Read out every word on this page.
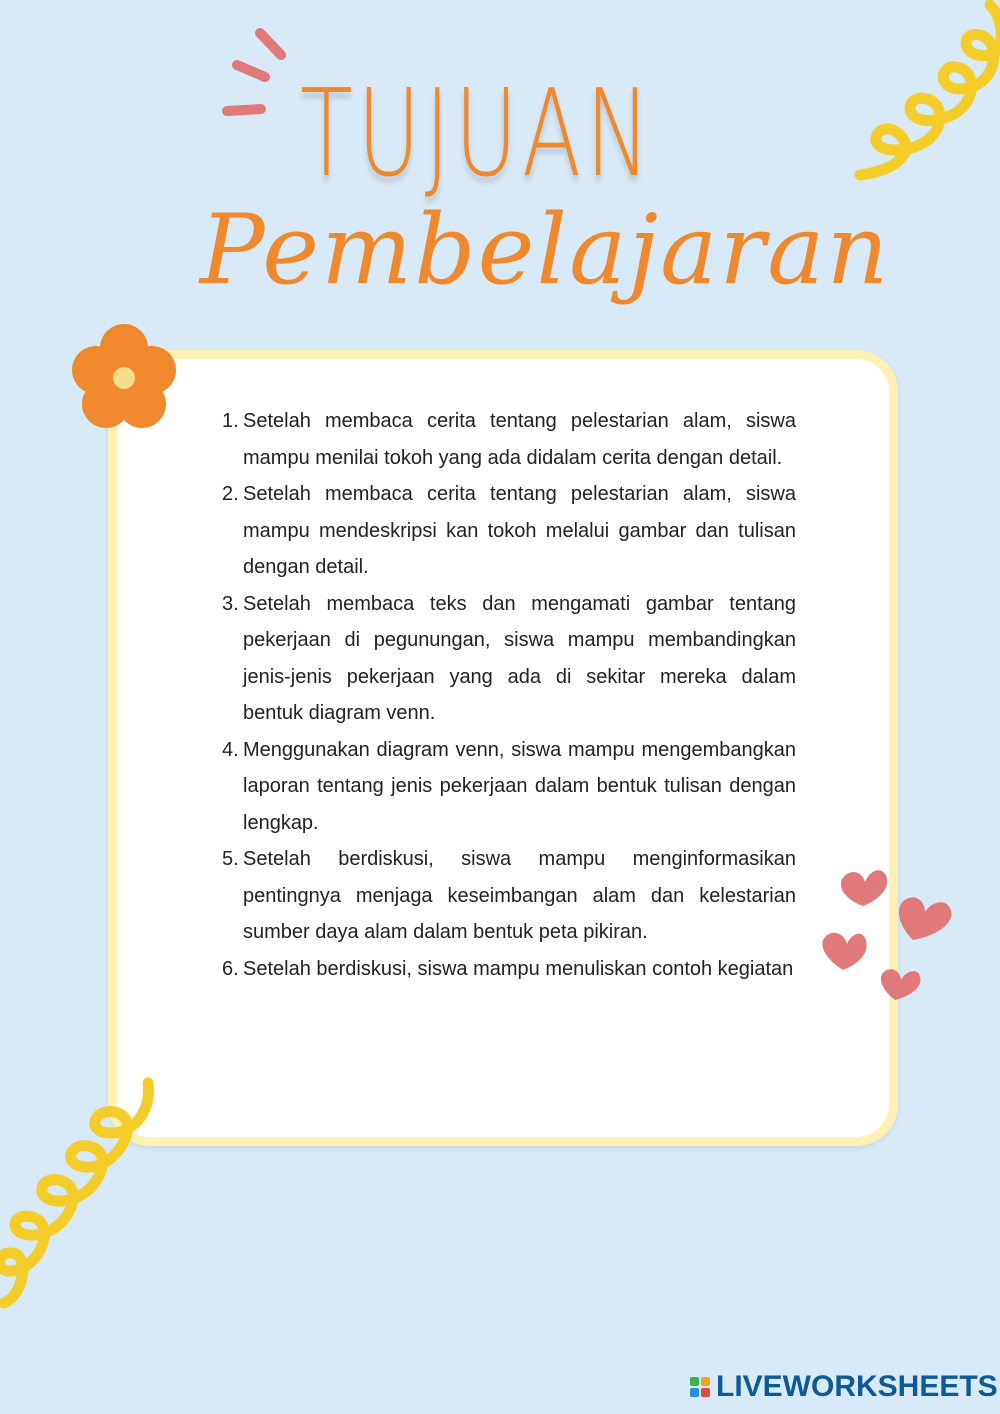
TUJUAN
Pembelajaran
1. Setelah membaca cerita tentang pelestarian alam, siswa mampu menilai tokoh yang ada didalam cerita dengan detail.
2. Setelah membaca cerita tentang pelestarian alam, siswa mampu mendeskripsi kan tokoh melalui gambar dan tulisan dengan detail.
3. Setelah membaca teks dan mengamati gambar tentang pekerjaan di pegunungan, siswa mampu membandingkan jenis-jenis pekerjaan yang ada di sekitar mereka dalam bentuk diagram venn.
4. Menggunakan diagram venn, siswa mampu mengembangkan laporan tentang jenis pekerjaan dalam bentuk tulisan dengan lengkap.
5. Setelah berdiskusi, siswa mampu menginformasikan pentingnya menjaga keseimbangan alam dan kelestarian sumber daya alam dalam bentuk peta pikiran.
6. Setelah berdiskusi, siswa mampu menuliskan contoh kegiatan
LIVEWORKSHEETS
